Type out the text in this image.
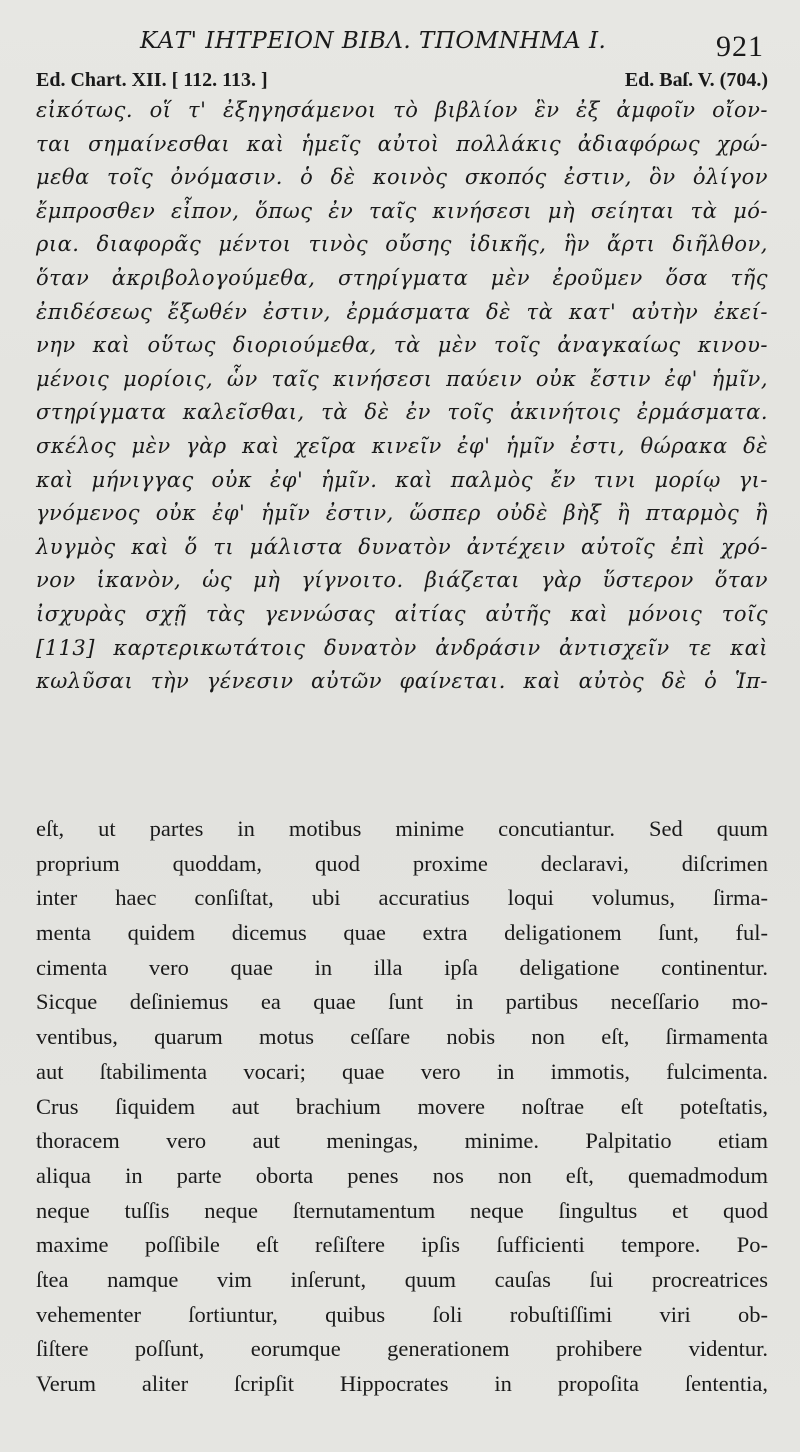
ΚΑΤ' ΙΗΤΡΕΙΟΝ ΒΙΒΛ. ΤΠΟΜΝΗΜΑ Ι.	921
Ed. Chart. XII. [ 112. 113. ]	Ed. Baſ. V. (704.)
εἰκότως. οἵ τ' ἐξηγησάμενοι τὸ βιβλίον ἓν ἐξ ἀμφοῖν οἴον-
ται σημαίνεσθαι καὶ ἡμεῖς αὐτοὶ πολλάκις ἀδιαφόρως χρώ-
μεθα τοῖς ὀνόμασιν. ὁ δὲ κοινὸς σκοπός ἐστιν, ὃν ὀλίγον
ἔμπροσθεν εἶπον, ὅπως ἐν ταῖς κινήσεσι μὴ σείηται τὰ μό-
ρια. διαφορᾶς μέντοι τινὸς οὔσης ἰδικῆς, ἣν ἄρτι διῆλθον,
ὅταν ἀκριβολογούμεθα, στηρίγματα μὲν ἐροῦμεν ὅσα τῆς
ἐπιδέσεως ἔξωθέν ἐστιν, ἐρμάσματα δὲ τὰ κατ' αὐτὴν ἐκεί-
νην καὶ οὕτως διοριούμεθα, τὰ μὲν τοῖς ἀναγκαίως κινου-
μένοις μορίοις, ὧν ταῖς κινήσεσι παύειν οὐκ ἔστιν ἐφ' ἡμῖν,
στηρίγματα καλεῖσθαι, τὰ δὲ ἐν τοῖς ἀκινήτοις ἐρμάσματα.
σκέλος μὲν γὰρ καὶ χεῖρα κινεῖν ἐφ' ἡμῖν ἐστι, θώρακα δὲ
καὶ μήνιγγας οὐκ ἐφ' ἡμῖν. καὶ παλμὸς ἔν τινι μορίῳ γι-
γνόμενος οὐκ ἐφ' ἡμῖν ἐστιν, ὥσπερ οὐδὲ βὴξ ἢ πταρμὸς ἢ
λυγμὸς καὶ ὅ τι μάλιστα δυνατὸν ἀντέχειν αὐτοῖς ἐπὶ χρό-
νον ἱκανὸν, ὡς μὴ γίγνοιτο. βιάζεται γὰρ ὕστερον ὅταν
ἰσχυρὰς σχῇ τὰς γεννώσας αἰτίας αὐτῆς καὶ μόνοις τοῖς
[113] καρτερικωτάτοις δυνατὸν ἀνδράσιν ἀντισχεῖν τε καὶ
κωλῦσαι τὴν γένεσιν αὐτῶν φαίνεται. καὶ αὐτὸς δὲ ὁ Ἱπ-
eſt, ut partes in motibus minime concutiantur. Sed quum
proprium quoddam, quod proxime declaravi, diſcrimen
inter haec conſiſtat, ubi accuratius loqui volumus, ſirma-
menta quidem dicemus quae extra deligationem ſunt, ful-
cimenta vero quae in illa ipſa deligatione continentur.
Sicque deſiniemus ea quae ſunt in partibus neceſſario mo-
ventibus, quarum motus ceſſare nobis non eſt, ſirmamenta
aut ſtabilimenta vocari; quae vero in immotis, fulcimenta.
Crus ſiquidem aut brachium movere noſtrae eſt poteſtatis,
thoracem vero aut meningas, minime. Palpitatio etiam
aliqua in parte oborta penes nos non eſt, quemadmodum
neque tuſſis neque ſternutamentum neque ſingultus et quod
maxime poſſibile eſt reſiſtere ipſis ſufficienti tempore. Po-
ſtea namque vim inſerunt, quum cauſas ſui procreatrices
vehementer ſortiuntur, quibus ſoli robuſtiſſimi viri ob-
ſiſtere poſſunt, eorumque generationem prohibere videntur.
Verum aliter ſcripſit Hippocrates in propoſita ſententia,
